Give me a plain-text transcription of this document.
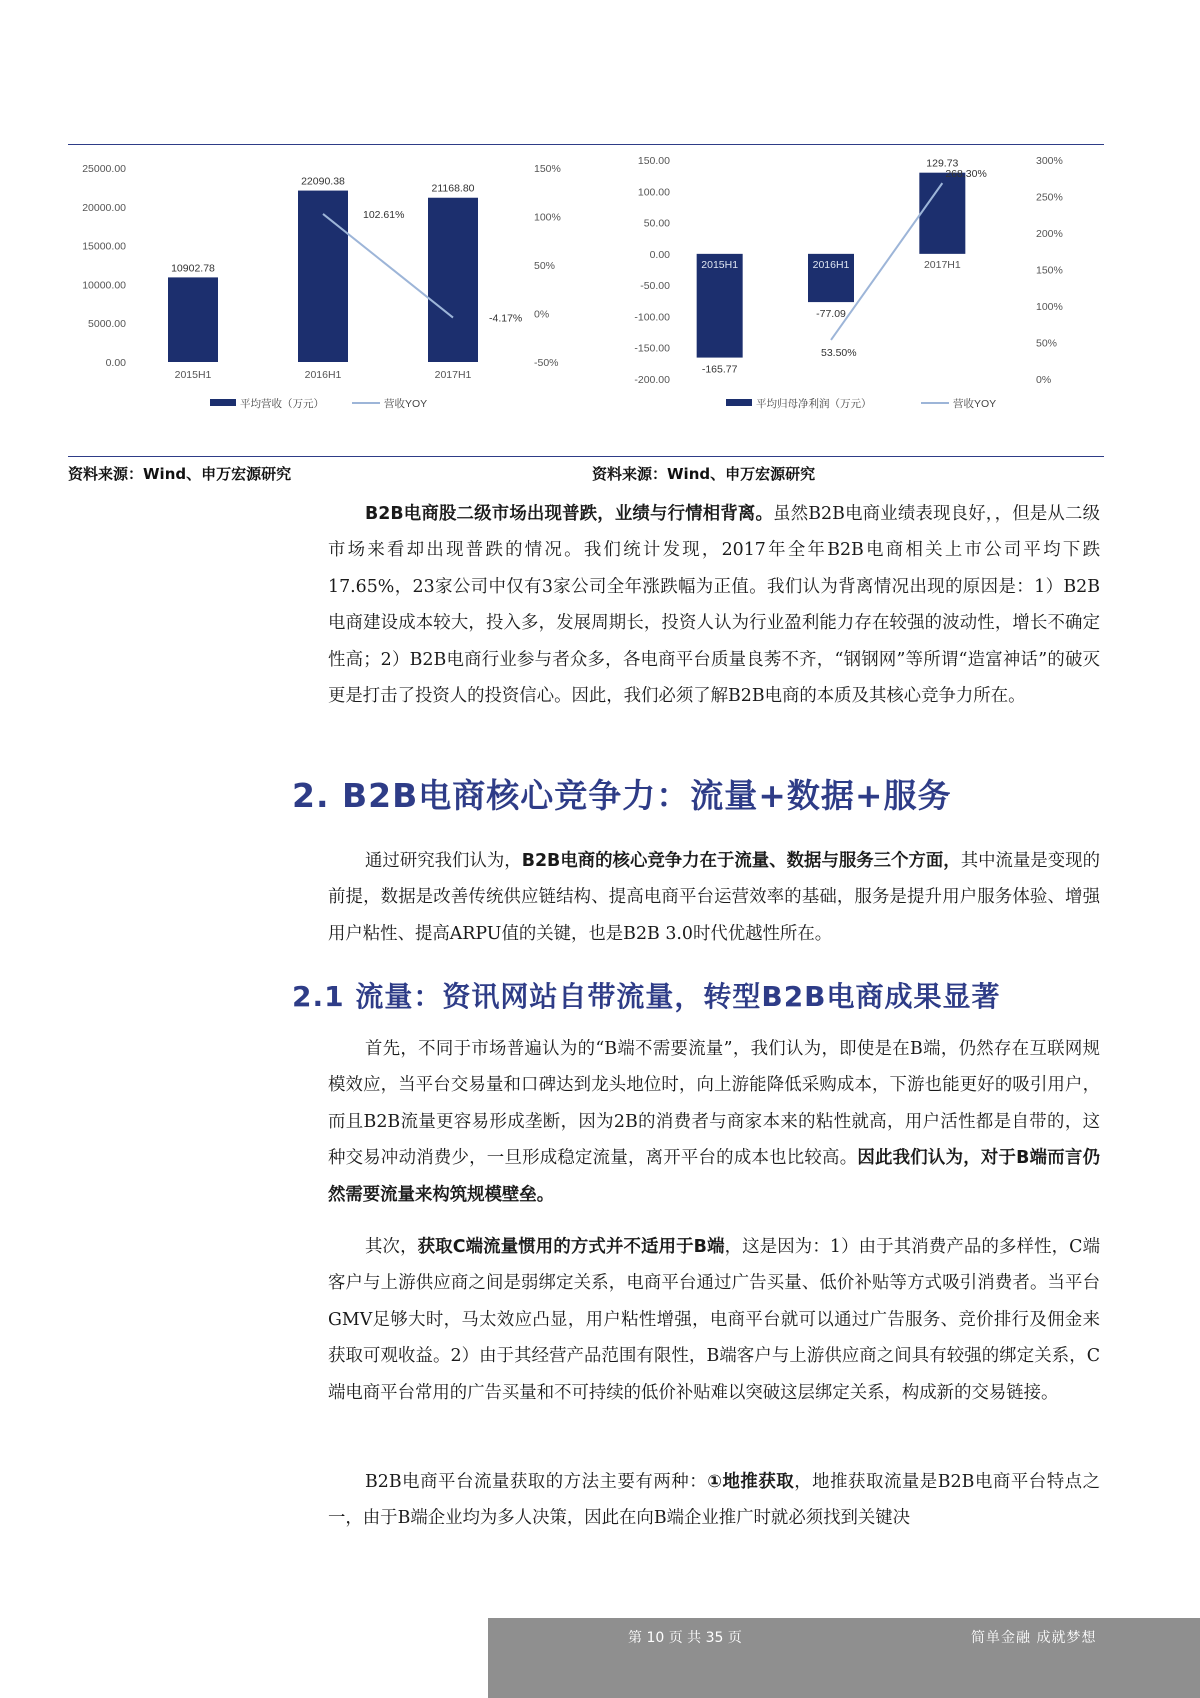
0.00
5000.00
10000.00
15000.00
20000.00
25000.00
-50%
0%
50%
100%
150%
10902.78
22090.38
21168.80
2015H1	2016H1	2017H1
102.61%
-4.17%
平均营收（万元）	营收YOY
-200.00
-150.00
-100.00
-50.00
0.00
50.00
100.00
150.00
0%
50%
100%
150%
200%
250%
300%
-165.77
-77.09
129.73
2015H1	2016H1	2017H1
53.50%
268.30%
平均归母净利润（万元）	营收YOY
资料来源：Wind、申万宏源研究	资料来源：Wind、申万宏源研究

B2B电商股二级市场出现普跌，业绩与行情相背离。虽然B2B电商业绩表现良好，，但是从二级市场来看却出现普跌的情况。我们统计发现，2017年全年B2B电商相关上市公司平均下跌17.65%，23家公司中仅有3家公司全年涨跌幅为正值。我们认为背离情况出现的原因是：1）B2B电商建设成本较大，投入多，发展周期长，投资人认为行业盈利能力存在较强的波动性，增长不确定性高；2）B2B电商行业参与者众多，各电商平台质量良莠不齐，“钢钢网”等所谓“造富神话”的破灭更是打击了投资人的投资信心。因此，我们必须了解B2B电商的本质及其核心竞争力所在。

2. B2B电商核心竞争力：流量+数据+服务

通过研究我们认为，B2B电商的核心竞争力在于流量、数据与服务三个方面，其中流量是变现的前提，数据是改善传统供应链结构、提高电商平台运营效率的基础，服务是提升用户服务体验、增强用户粘性、提高ARPU值的关键，也是B2B 3.0时代优越性所在。

2.1 流量：资讯网站自带流量，转型B2B电商成果显著

首先，不同于市场普遍认为的“B端不需要流量”，我们认为，即使是在B端，仍然存在互联网规模效应，当平台交易量和口碑达到龙头地位时，向上游能降低采购成本，下游也能更好的吸引用户，而且B2B流量更容易形成垄断，因为2B的消费者与商家本来的粘性就高，用户活性都是自带的，这种交易冲动消费少，一旦形成稳定流量，离开平台的成本也比较高。因此我们认为，对于B端而言仍然需要流量来构筑规模壁垒。

其次，获取C端流量惯用的方式并不适用于B端，这是因为：1）由于其消费产品的多样性，C端客户与上游供应商之间是弱绑定关系，电商平台通过广告买量、低价补贴等方式吸引消费者。当平台GMV足够大时，马太效应凸显，用户粘性增强，电商平台就可以通过广告服务、竞价排行及佣金来获取可观收益。2）由于其经营产品范围有限性，B端客户与上游供应商之间具有较强的绑定关系，C端电商平台常用的广告买量和不可持续的低价补贴难以突破这层绑定关系，构成新的交易链接。

B2B电商平台流量获取的方法主要有两种：①地推获取，地推获取流量是B2B电商平台特点之一，由于B端企业均为多人决策，因此在向B端企业推广时就必须找到关键决

第 10 页 共 35 页	简单金融 成就梦想
